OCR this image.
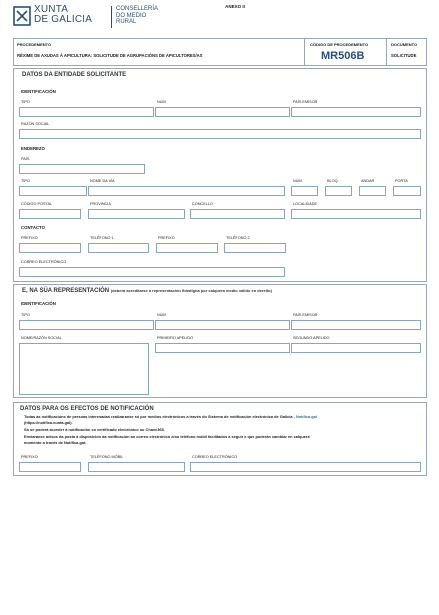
XUNTA
DE GALICIA
CONSELLERÍA
DO MEDIO
RURAL
ANEXO II
PROCEDEMENTO
RÉXIME DE AXUDAS Á APICULTURA: SOLICITUDE DE AGRUPACIÓNS DE APICULTORES/AS
CÓDIGO DE PROCEDEMENTO
MR506B
DOCUMENTO
SOLICITUDE
DATOS DA ENTIDADE SOLICITANTE
IDENTIFICACIÓN
TIPO	NÚM.	PAÍS EMISOR
RAZÓN SOCIAL
ENDEREZO
PAÍS
TIPO	NOME DA VÍA	NÚM.	BLOQ.	ANDAR	PORTA
CÓDIGO POSTAL	PROVINCIA	CONCELLO	LOCALIDADE
CONTACTO
PREFIXO	TELÉFONO 1	PREFIXO	TELÉFONO 2
CORREO ELECTRÓNICO
E, NA SÚA REPRESENTACIÓN (deberá acreditarse a representación fidedigna por calquera medio válido en dereito)
IDENTIFICACIÓN
TIPO	NÚM.	PAÍS EMISOR
NOME/RAZÓN SOCIAL	PRIMEIRO APELIDO	SEGUNDO APELIDO
DATOS PARA OS EFECTOS DE NOTIFICACIÓN
Todas as notificacións de persoas interesadas realizaranse só por medios electrónicos a través do Sistema de notificación electrónica de Galicia - Notifica.gal
(https://notifica.xunta.gal).
Só se poderá acceder á notificación co certificado electrónico ou Chave365.
Enviaranse avisos da posta á disposición da notificación ao correo electrónico e/ou teléfono móbil facilitados a seguir e que poderán cambiar en calquera
momento a través de Notifica.gal:
PREFIXO	TELÉFONO MÓBIL	CORREO ELECTRÓNICO
